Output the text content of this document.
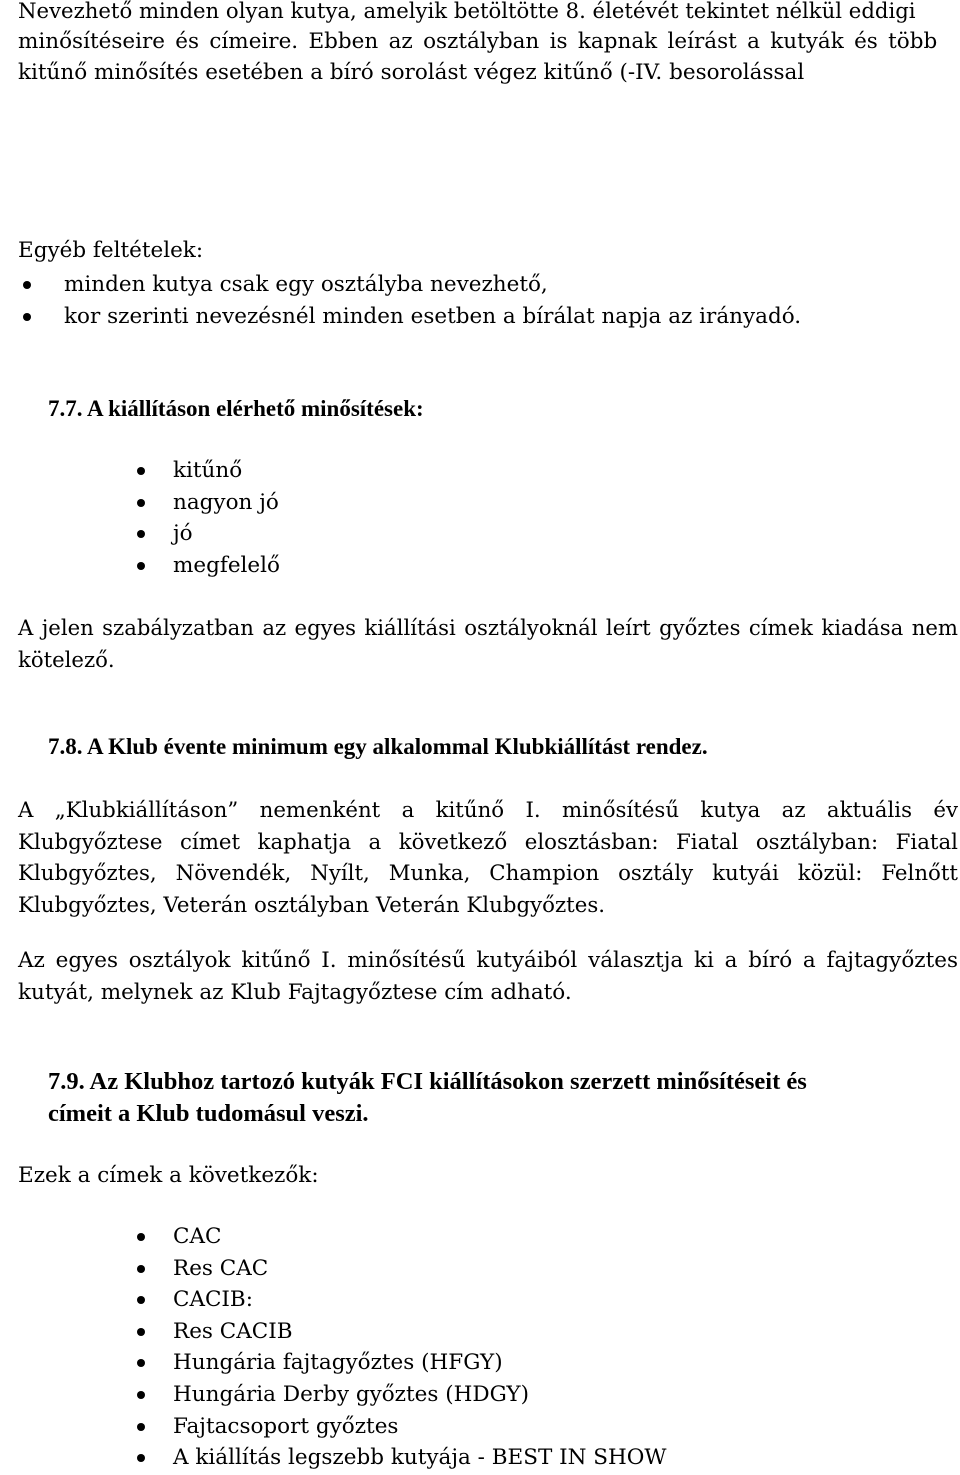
Nevezhető minden olyan kutya, amelyik betöltötte 8. életévét tekintet nélkül eddigi
minősítéseire és címeire. Ebben az osztályban is kapnak leírást a kutyák és több
kitűnő minősítés esetében a bíró sorolást végez kitűnő (-IV. besorolással
Egyéb feltételek:
minden kutya csak egy osztályba nevezhető,
kor szerinti nevezésnél minden esetben a bírálat napja az irányadó.
7.7. A kiállításon elérhető minősítések:
kitűnő
nagyon jó
jó
megfelelő
A jelen szabályzatban az egyes kiállítási osztályoknál leírt győztes címek kiadása nem kötelező.
7.8. A Klub évente minimum egy alkalommal Klubkiállítást rendez.
A „Klubkiállításon” nemenként a kitűnő I. minősítésű kutya az aktuális év Klubgyőztese címet kaphatja a következő elosztásban: Fiatal osztályban: Fiatal Klubgyőztes, Növendék, Nyílt, Munka, Champion osztály kutyái közül: Felnőtt Klubgyőztes, Veterán osztályban Veterán Klubgyőztes.
Az egyes osztályok kitűnő I. minősítésű kutyáiból választja ki a bíró a fajtagyőztes kutyát, melynek az Klub Fajtagyőztese cím adható.
7.9. Az Klubhoz tartozó kutyák FCI kiállításokon szerzett minősítéseit és
címeit a Klub tudomásul veszi.
Ezek a címek a következők:
CAC
Res CAC
CACIB:
Res CACIB
Hungária fajtagyőztes (HFGY)
Hungária Derby győztes (HDGY)
Fajtacsoport győztes
A kiállítás legszebb kutyája - BEST IN SHOW
